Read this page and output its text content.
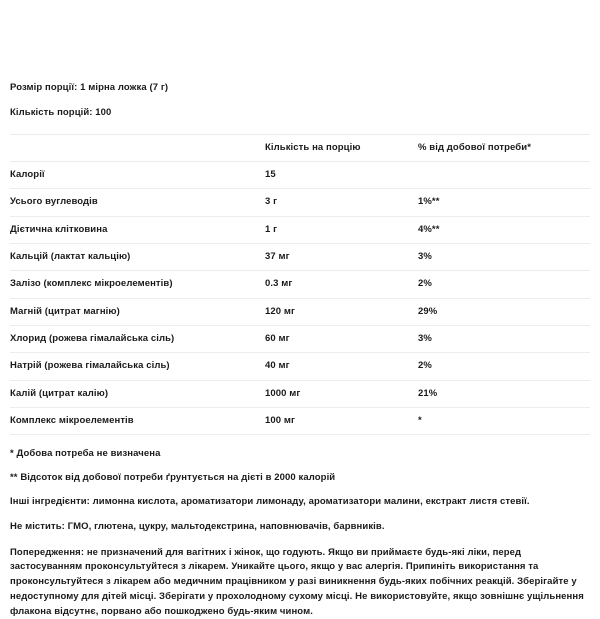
Розмір порції: 1 мірна ложка (7 г)

Кількість порцій: 100

	Кількість на порцію	% від добової потреби*
Калорії	15	
Усього вуглеводів	3 г	1%**
Дієтична клітковина	1 г	4%**
Кальцій (лактат кальцію)	37 мг	3%
Залізо (комплекс мікроелементів)	0.3 мг	2%
Магній (цитрат магнію)	120 мг	29%
Хлорид (рожева гімалайська сіль)	60 мг	3%
Натрій (рожева гімалайська сіль)	40 мг	2%
Калій (цитрат калію)	1000 мг	21%
Комплекс мікроелементів	100 мг	*

* Добова потреба не визначена

** Відсоток від добової потреби ґрунтується на дієті в 2000 калорій

Інші інгредієнти: лимонна кислота, ароматизатори лимонаду, ароматизатори малини, екстракт листя стевії.

Не містить: ГМО, глютена, цукру, мальтодекстрина, наповнювачів, барвників.

Попередження: не призначений для вагітних і жінок, що годують. Якщо ви приймаєте будь-які ліки, перед застосуванням проконсультуйтеся з лікарем. Уникайте цього, якщо у вас алергія. Припиніть використання та проконсультуйтеся з лікарем або медичним працівником у разі виникнення будь-яких побічних реакцій. Зберігайте у недоступному для дітей місці. Зберігати у прохолодному сухому місці. Не використовуйте, якщо зовнішнє ущільнення флакона відсутнє, порвано або пошкоджено будь-яким чином.
